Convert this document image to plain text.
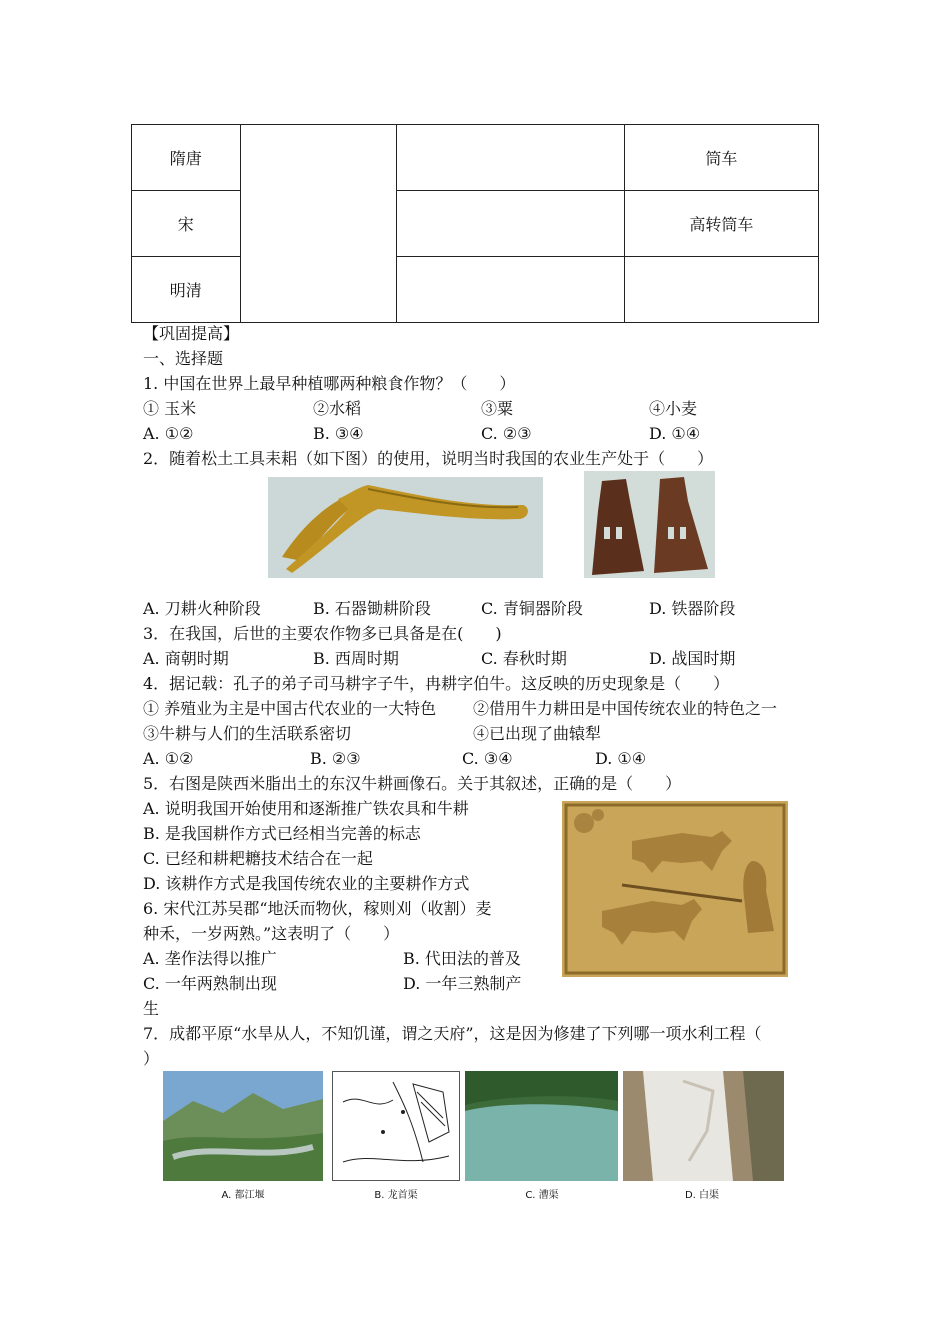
隋唐			筒车
宋			高转筒车
明清			
【巩固提高】
一、选择题
1. 中国在世界上最早种植哪两种粮食作物？（　　）
① 玉米	②水稻	③粟	④小麦
A. ①②	B. ③④	C. ②③	D. ①④
2．随着松土工具耒耜（如下图）的使用，说明当时我国的农业生产处于（　　）
A. 刀耕火种阶段	B. 石器锄耕阶段	C. 青铜器阶段	D. 铁器阶段
3．在我国，后世的主要农作物多已具备是在(　　)
A. 商朝时期	B. 西周时期	C. 春秋时期	D. 战国时期
4．据记载：孔子的弟子司马耕字子牛，冉耕字伯牛。这反映的历史现象是（　　）
① 养殖业为主是中国古代农业的一大特色 ②借用牛力耕田是中国传统农业的特色之一
③牛耕与人们的生活联系密切	④已出现了曲辕犁
A. ①②	B. ②③	C. ③④	D. ①④
5．右图是陕西米脂出土的东汉牛耕画像石。关于其叙述，正确的是（　　）
A. 说明我国开始使用和逐渐推广铁农具和牛耕
B. 是我国耕作方式已经相当完善的标志
C. 已经和耕耙耱技术结合在一起
D. 该耕作方式是我国传统农业的主要耕作方式
6. 宋代江苏吴郡“地沃而物伙，稼则刈（收割）麦
种禾，一岁两熟。”这表明了（　　）
A. 垄作法得以推广	B. 代田法的普及
C. 一年两熟制出现	D. 一年三熟制产
生
7．成都平原“水旱从人，不知饥谨，谓之天府”，这是因为修建了下列哪一项水利工程（
）
A. 都江堰	B. 龙首渠	C. 漕渠	D. 白渠
